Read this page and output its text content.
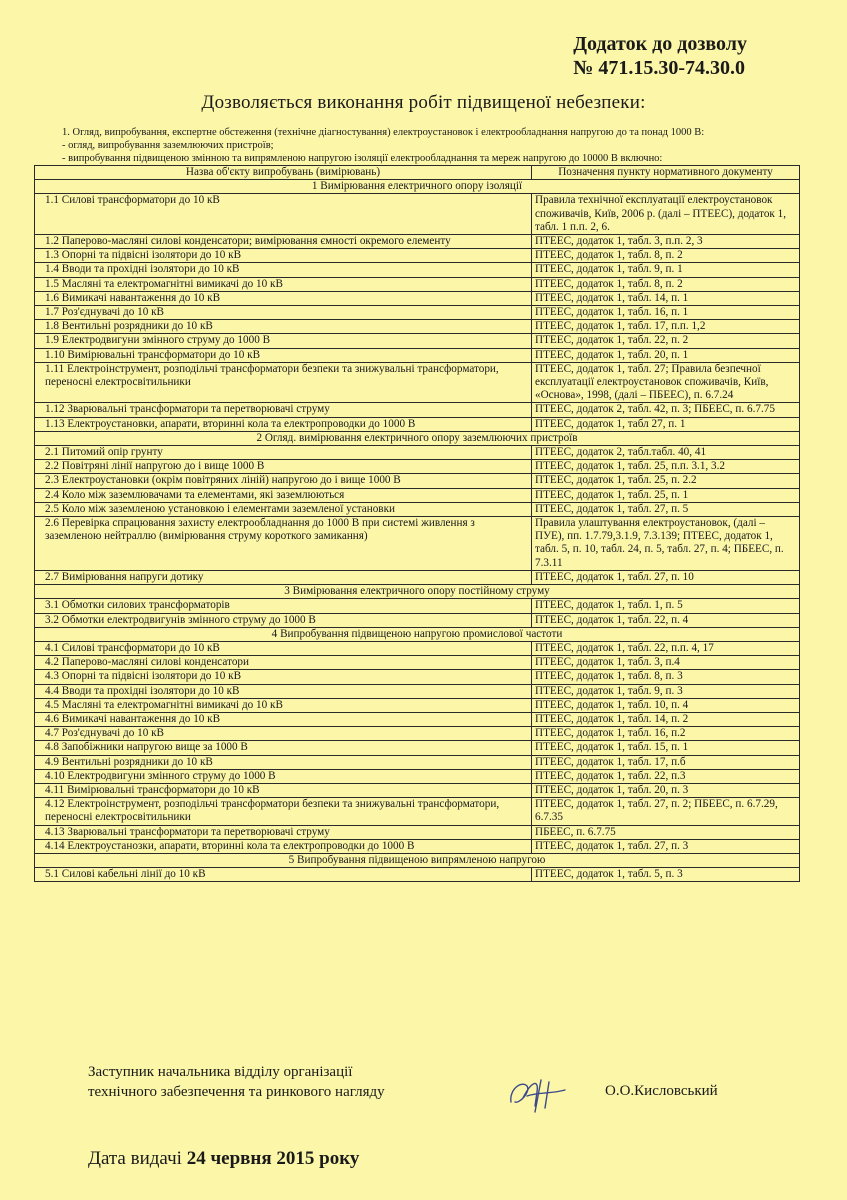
Додаток до дозволу
№ 471.15.30-74.30.0
Дозволяється виконання робіт підвищеної небезпеки:
1. Огляд, випробування, експертне обстеження (технічне діагностування) електроустановок і електрообладнання напругою до та понад 1000 В:
- огляд, випробування заземлюючих пристроїв;
- випробування підвищеною змінною та випрямленою напругою ізоляції електрообладнання та мереж напругою до 10000 В включно:
Назва об'єкту випробувань (вимірювань)	Позначення пункту нормативного документу
1 Вимірювання електричного опору ізоляції	
1.1 Силові трансформатори до 10 кВ	Правила технічної експлуатації електроустановок споживачів, Київ, 2006 р. (далі – ПТЕЕС), додаток 1, табл. 1 п.п. 2, 6.
1.2 Паперово-масляні силові конденсатори; вимірювання ємності окремого елементу	ПТЕЕС, додаток 1, табл. 3, п.п. 2, 3
1.3 Опорні та підвісні ізолятори до 10 кВ	ПТЕЕС, додаток 1, табл. 8, п. 2
1.4 Вводи та прохідні ізолятори до 10 кВ	ПТЕЕС, додаток 1, табл. 9, п. 1
1.5 Масляні та електромагнітні вимикачі до 10 кВ	ПТЕЕС, додаток 1, табл. 8, п. 2
1.6 Вимикачі навантаження до 10 кВ	ПТЕЕС, додаток 1, табл. 14, п. 1
1.7 Роз'єднувачі до 10 кВ	ПТЕЕС, додаток 1, табл. 16, п. 1
1.8 Вентильні розрядники до 10 кВ	ПТЕЕС, додаток 1, табл. 17, п.п. 1,2
1.9 Електродвигуни змінного струму до 1000 В	ПТЕЕС, додаток 1, табл. 22, п. 2
1.10 Вимірювальні трансформатори до 10 кВ	ПТЕЕС, додаток 1, табл. 20, п. 1
1.11 Електроінструмент, розподільчі трансформатори безпеки та знижувальні трансформатори, переносні електросвітильники	ПТЕЕС, додаток 1, табл. 27; Правила безпечної експлуатації електроустановок споживачів, Київ, «Основа», 1998, (далі – ПБЕЕС), п. 6.7.24
1.12 Зварювальні трансформатори та перетворювачі струму	ПТЕЕС, додаток 2, табл. 42, п. 3; ПБЕЕС, п. 6.7.75
1.13 Електроустановки, апарати, вторинні кола та електропроводки до 1000 В	ПТЕЕС, додаток 1, табл 27, п. 1
2 Огляд. вимірювання електричного опору заземлюючих пристроїв	
2.1 Питомий опір грунту	ПТЕЕС, додаток 2, табл.табл. 40, 41
2.2 Повітряні лінії напругою до і вище 1000 В	ПТЕЕС, додаток 1, табл. 25, п.п. 3.1, 3.2
2.3 Електроустановки (окрім повітряних ліній) напругою до і вище 1000 В	ПТЕЕС, додаток 1, табл. 25, п. 2.2
2.4 Коло між заземлювачами та елементами, які заземлюються	ПТЕЕС, додаток 1, табл. 25, п. 1
2.5 Коло між заземленою установкою і елементами заземленої установки	ПТЕЕС, додаток 1, табл. 27, п. 5
2.6 Перевірка спрацювання захисту електрообладнання до 1000 В при системі живлення з заземленою нейтраллю (вимірювання струму короткого замикання)	Правила улаштування електроустановок, (далі – ПУЕ), пп. 1.7.79,3.1.9, 7.3.139; ПТЕЕС, додаток 1, табл. 5, п. 10, табл. 24, п. 5, табл. 27, п. 4; ПБЕЕС, п. 7.3.11
2.7 Вимірювання напруги дотику	ПТЕЕС, додаток 1, табл. 27, п. 10
3 Вимірювання електричного опору постійному струму	
3.1 Обмотки силових трансформаторів	ПТЕЕС, додаток 1, табл. 1, п. 5
3.2 Обмотки електродвигунів змінного струму до 1000 В	ПТЕЕС, додаток 1, табл. 22, п. 4
4 Випробування підвищеною напругою промислової частоти	
4.1 Силові трансформатори до 10 кВ	ПТЕЕС, додаток 1, табл. 22, п.п. 4, 17
4.2 Паперово-масляні силові конденсатори	ПТЕЕС, додаток 1, табл. 3, п.4
4.3 Опорні та підвісні ізолятори до 10 кВ	ПТЕЕС, додаток 1, табл. 8, п. 3
4.4 Вводи та прохідні ізолятори до 10 кВ	ПТЕЕС, додаток 1, табл. 9, п. 3
4.5 Масляні та електромагнітні вимикачі до 10 кВ	ПТЕЕС, додаток 1, табл. 10, п. 4
4.6 Вимикачі навантаження до 10 кВ	ПТЕЕС, додаток 1, табл. 14, п. 2
4.7 Роз'єднувачі до 10 кВ	ПТЕЕС, додаток 1, табл. 16, п.2
4.8 Запобіжники напругою вище за 1000 В	ПТЕЕС, додаток 1, табл. 15, п. 1
4.9 Вентильні розрядники до 10 кВ	ПТЕЕС, додаток 1, табл. 17, п.б
4.10 Електродвигуни змінного струму до 1000 В	ПТЕЕС, додаток 1, табл. 22, п.3
4.11 Вимірювальні трансформатори до 10 кВ	ПТЕЕС, додаток 1, табл. 20, п. 3
4.12 Електроінструмент, розподільчі трансформатори безпеки та знижувальні трансформатори, переносні електросвітильники	ПТЕЕС, додаток 1, табл. 27, п. 2; ПБЕЕС, п. 6.7.29, 6.7.35
4.13 Зварювальні трансформатори та перетворювачі струму	ПБЕЕС, п. 6.7.75
4.14 Електроустанозки, апарати, вторинні кола та електропроводки до 1000 В	ПТЕЕС, додаток 1, табл. 27, п. 3
5 Випробування підвищеною випрямленою напругою	
5.1 Силові кабельні лінії до 10 кВ	ПТЕЕС, додаток 1, табл. 5, п. 3
Заступник начальника відділу організації
технічного забезпечення та ринкового нагляду	О.О.Кисловський
Дата видачі 24 червня 2015 року
